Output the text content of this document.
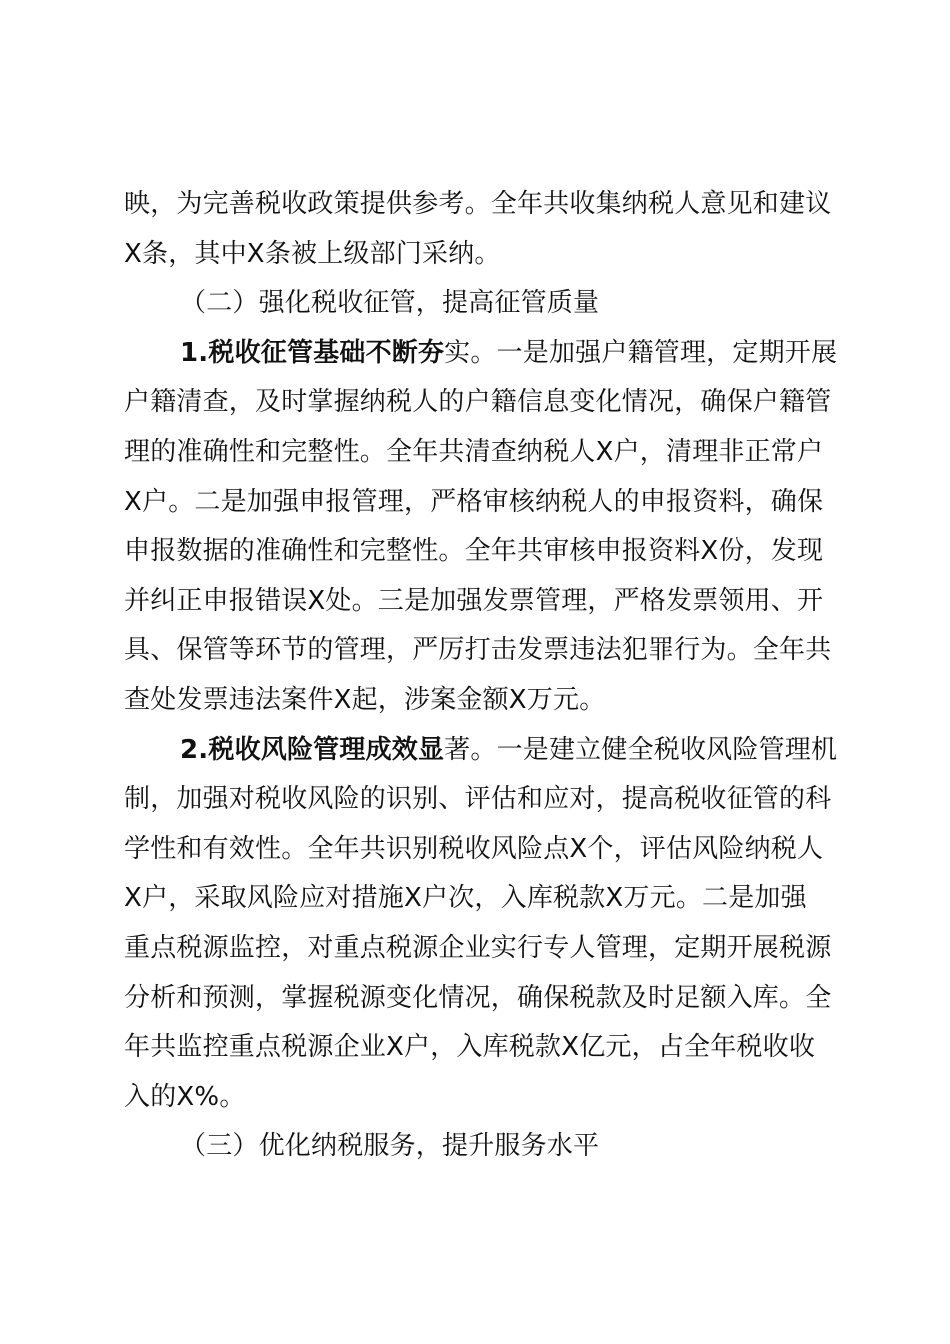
映，为完善税收政策提供参考。全年共收集纳税人意见和建议
X条，其中X条被上级部门采纳。
（二）强化税收征管，提高征管质量
1.税收征管基础不断夯实。一是加强户籍管理，定期开展
户籍清查，及时掌握纳税人的户籍信息变化情况，确保户籍管
理的准确性和完整性。全年共清查纳税人X户，清理非正常户
X户。二是加强申报管理，严格审核纳税人的申报资料，确保
申报数据的准确性和完整性。全年共审核申报资料X份，发现
并纠正申报错误X处。三是加强发票管理，严格发票领用、开
具、保管等环节的管理，严厉打击发票违法犯罪行为。全年共
查处发票违法案件X起，涉案金额X万元。
2.税收风险管理成效显著。一是建立健全税收风险管理机
制，加强对税收风险的识别、评估和应对，提高税收征管的科
学性和有效性。全年共识别税收风险点X个，评估风险纳税人
X户，采取风险应对措施X户次，入库税款X万元。二是加强
重点税源监控，对重点税源企业实行专人管理，定期开展税源
分析和预测，掌握税源变化情况，确保税款及时足额入库。全
年共监控重点税源企业X户，入库税款X亿元，占全年税收收
入的X%。
（三）优化纳税服务，提升服务水平
